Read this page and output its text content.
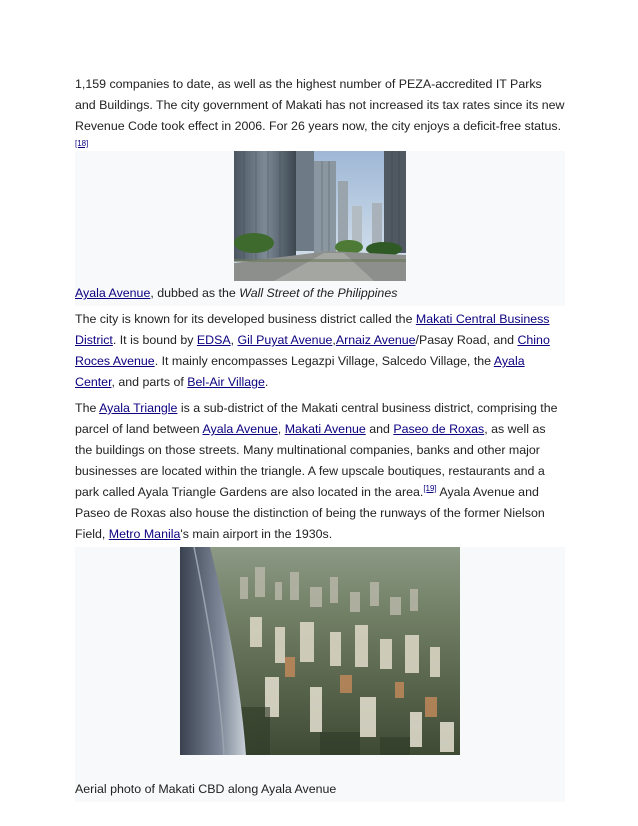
1,159 companies to date, as well as the highest number of PEZA-accredited IT Parks and Buildings. The city government of Makati has not increased its tax rates since its new Revenue Code took effect in 2006. For 26 years now, the city enjoys a deficit-free status.[18]

Ayala Avenue, dubbed as the Wall Street of the Philippines

The city is known for its developed business district called the Makati Central Business District. It is bound by EDSA, Gil Puyat Avenue,Arnaiz Avenue/Pasay Road, and Chino Roces Avenue. It mainly encompasses Legazpi Village, Salcedo Village, the Ayala Center, and parts of Bel-Air Village.

The Ayala Triangle is a sub-district of the Makati central business district, comprising the parcel of land between Ayala Avenue, Makati Avenue and Paseo de Roxas, as well as the buildings on those streets. Many multinational companies, banks and other major businesses are located within the triangle. A few upscale boutiques, restaurants and a park called Ayala Triangle Gardens are also located in the area.[19] Ayala Avenue and Paseo de Roxas also house the distinction of being the runways of the former Nielson Field, Metro Manila's main airport in the 1930s.

Aerial photo of Makati CBD along Ayala Avenue
